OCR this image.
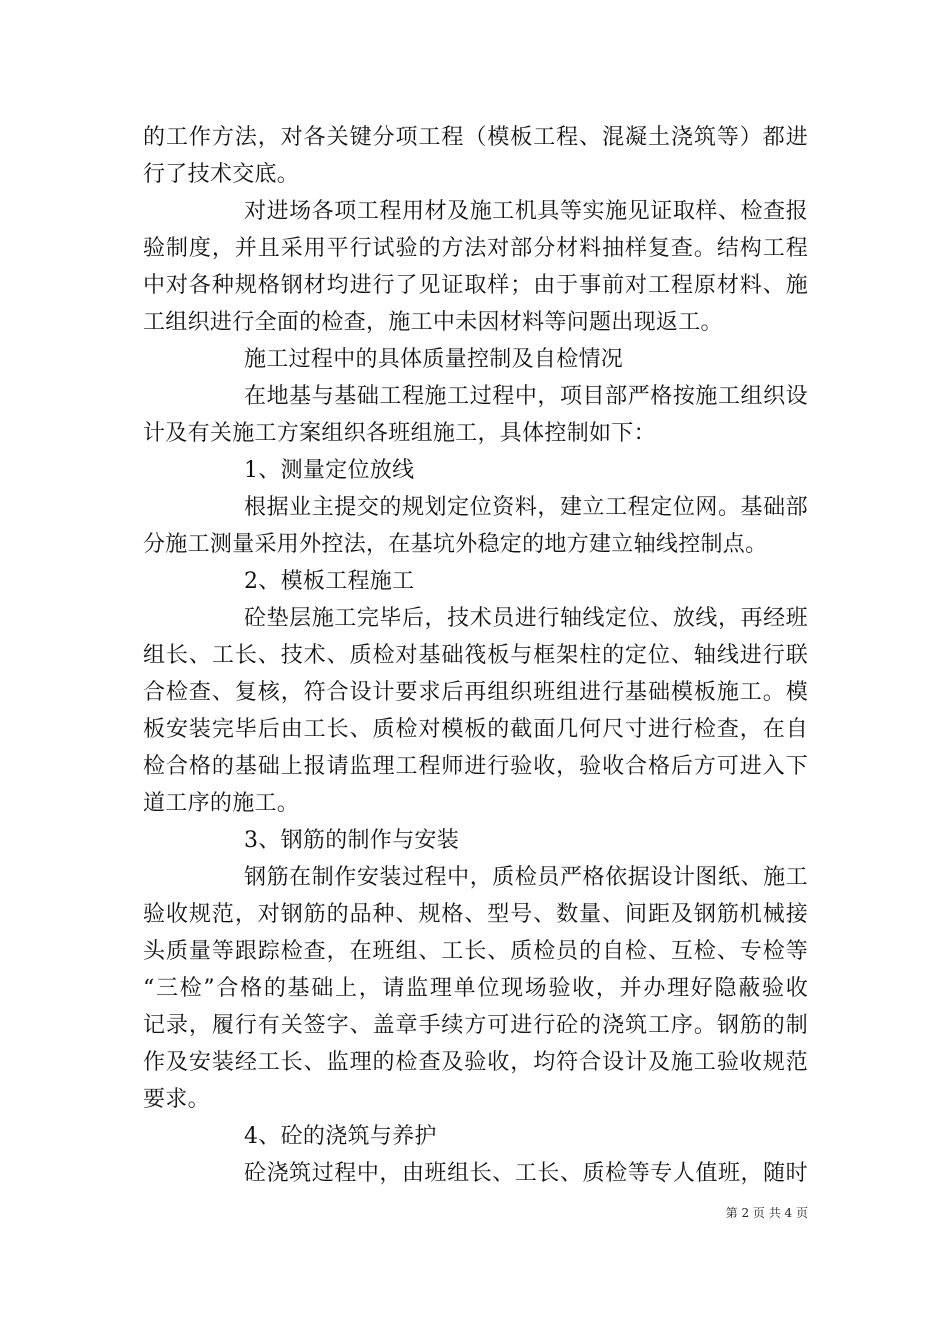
的工作方法，对各关键分项工程（模板工程、混凝土浇筑等）都进

行了技术交底。

对进场各项工程用材及施工机具等实施见证取样、检查报

验制度，并且采用平行试验的方法对部分材料抽样复查。结构工程

中对各种规格钢材均进行了见证取样；由于事前对工程原材料、施

工组织进行全面的检查，施工中未因材料等问题出现返工。

施工过程中的具体质量控制及自检情况

在地基与基础工程施工过程中，项目部严格按施工组织设

计及有关施工方案组织各班组施工，具体控制如下：

1、测量定位放线

根据业主提交的规划定位资料，建立工程定位网。基础部

分施工测量采用外控法，在基坑外稳定的地方建立轴线控制点。

2、模板工程施工

砼垫层施工完毕后，技术员进行轴线定位、放线，再经班

组长、工长、技术、质检对基础筏板与框架柱的定位、轴线进行联

合检查、复核，符合设计要求后再组织班组进行基础模板施工。模

板安装完毕后由工长、质检对模板的截面几何尺寸进行检查，在自

检合格的基础上报请监理工程师进行验收，验收合格后方可进入下

道工序的施工。

3、钢筋的制作与安装

钢筋在制作安装过程中，质检员严格依据设计图纸、施工

验收规范，对钢筋的品种、规格、型号、数量、间距及钢筋机械接

头质量等跟踪检查，在班组、工长、质检员的自检、互检、专检等

“三检”合格的基础上，请监理单位现场验收，并办理好隐蔽验收

记录，履行有关签字、盖章手续方可进行砼的浇筑工序。钢筋的制

作及安装经工长、监理的检查及验收，均符合设计及施工验收规范

要求。

4、砼的浇筑与养护

砼浇筑过程中，由班组长、工长、质检等专人值班，随时

第 2 页 共 4 页
